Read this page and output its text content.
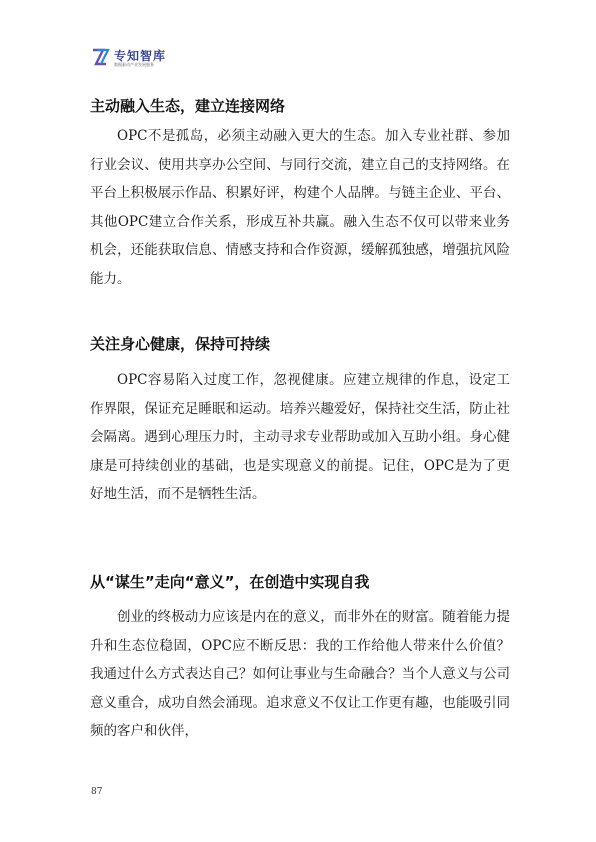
专知智库
数据驱动产业发展服务
主动融入生态，建立连接网络

OPC不是孤岛，必须主动融入更大的生态。加入专业社群、参加行业会议、使用共享办公空间、与同行交流，建立自己的支持网络。在平台上积极展示作品、积累好评，构建个人品牌。与链主企业、平台、其他OPC建立合作关系，形成互补共赢。融入生态不仅可以带来业务机会，还能获取信息、情感支持和合作资源，缓解孤独感，增强抗风险能力。

关注身心健康，保持可持续

OPC容易陷入过度工作，忽视健康。应建立规律的作息，设定工作界限，保证充足睡眠和运动。培养兴趣爱好，保持社交生活，防止社会隔离。遇到心理压力时，主动寻求专业帮助或加入互助小组。身心健康是可持续创业的基础，也是实现意义的前提。记住，OPC是为了更好地生活，而不是牺牲生活。

从“谋生”走向“意义”，在创造中实现自我

创业的终极动力应该是内在的意义，而非外在的财富。随着能力提升和生态位稳固，OPC应不断反思：我的工作给他人带来什么价值？我通过什么方式表达自己？如何让事业与生命融合？当个人意义与公司意义重合，成功自然会涌现。追求意义不仅让工作更有趣，也能吸引同频的客户和伙伴，

87
